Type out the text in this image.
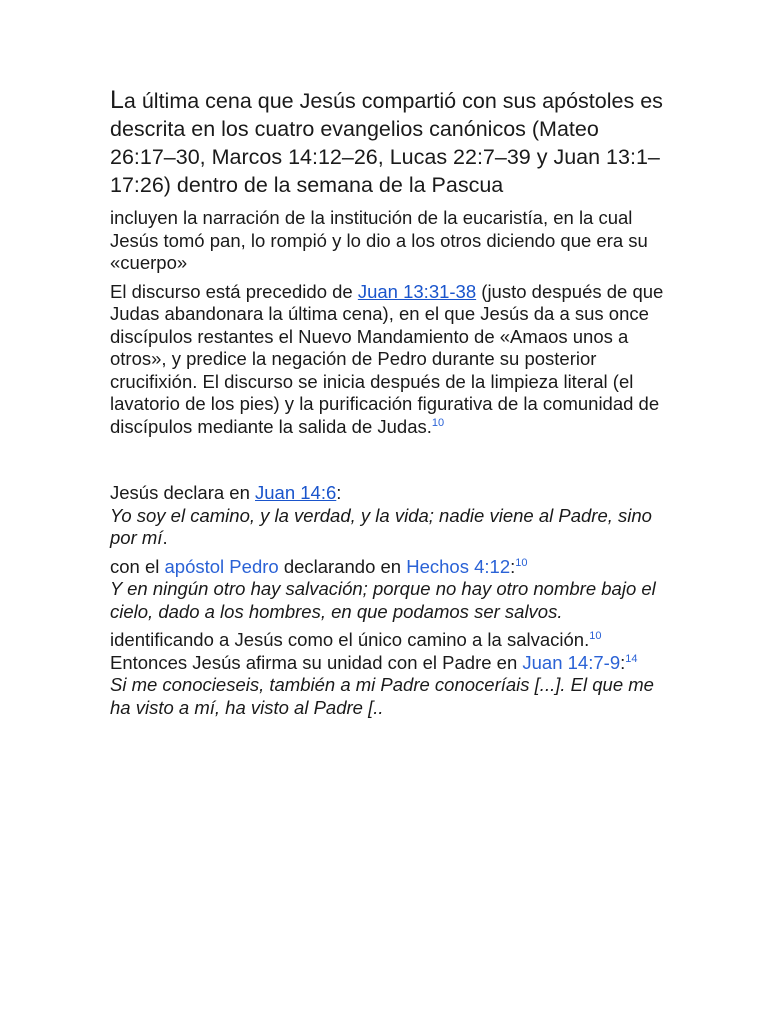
La última cena que Jesús compartió con sus apóstoles es descrita en los cuatro evangelios canónicos (Mateo 26:17–30, Marcos 14:12–26, Lucas 22:7–39 y Juan 13:1–17:26) dentro de la semana de la Pascua

incluyen la narración de la institución de la eucaristía, en la cual Jesús tomó pan, lo rompió y lo dio a los otros diciendo que era su «cuerpo»

El discurso está precedido de Juan 13:31-38 (justo después de que Judas abandonara la última cena), en el que Jesús da a sus once discípulos restantes el Nuevo Mandamiento de «Amaos unos a otros», y predice la negación de Pedro durante su posterior crucifixión. El discurso se inicia después de la limpieza literal (el lavatorio de los pies) y la purificación figurativa de la comunidad de discípulos mediante la salida de Judas.$^{10}$

Jesús declara en Juan 14:6:
Yo soy el camino, y la verdad, y la vida; nadie viene al Padre, sino por mí.

con el apóstol Pedro declarando en Hechos 4:12:$^{10}$
Y en ningún otro hay salvación; porque no hay otro nombre bajo el cielo, dado a los hombres, en que podamos ser salvos.

identificando a Jesús como el único camino a la salvación.$^{10}$
Entonces Jesús afirma su unidad con el Padre en Juan 14:7-9:$^{14}$
Si me conocieseis, también a mi Padre conoceríais [...]. El que me ha visto a mí, ha visto al Padre [..
